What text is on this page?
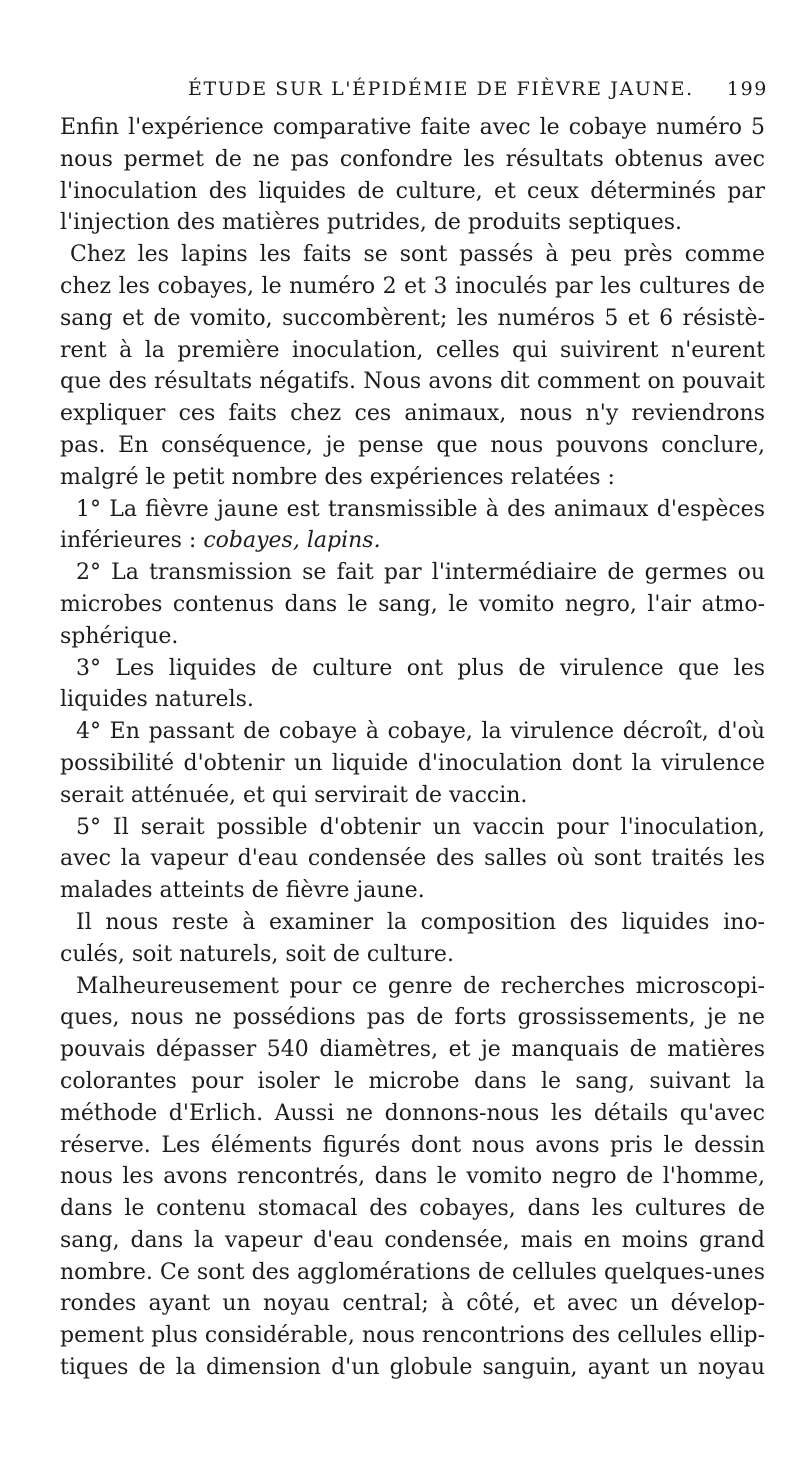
ÉTUDE SUR L'ÉPIDÉMIE DE FIÈVRE JAUNE. 199
Enfin l'expérience comparative faite avec le cobaye numéro 5
nous permet de ne pas confondre les résultats obtenus avec
l'inoculation des liquides de culture, et ceux déterminés par
l'injection des matières putrides, de produits septiques.
Chez les lapins les faits se sont passés à peu près comme
chez les cobayes, le numéro 2 et 3 inoculés par les cultures de
sang et de vomito, succombèrent; les numéros 5 et 6 résistè-
rent à la première inoculation, celles qui suivirent n'eurent
que des résultats négatifs. Nous avons dit comment on pouvait
expliquer ces faits chez ces animaux, nous n'y reviendrons
pas. En conséquence, je pense que nous pouvons conclure,
malgré le petit nombre des expériences relatées :
1° La fièvre jaune est transmissible à des animaux d'espèces
inférieures : cobayes, lapins.
2° La transmission se fait par l'intermédiaire de germes ou
microbes contenus dans le sang, le vomito negro, l'air atmo-
sphérique.
3° Les liquides de culture ont plus de virulence que les
liquides naturels.
4° En passant de cobaye à cobaye, la virulence décroît, d'où
possibilité d'obtenir un liquide d'inoculation dont la virulence
serait atténuée, et qui servirait de vaccin.
5° Il serait possible d'obtenir un vaccin pour l'inoculation,
avec la vapeur d'eau condensée des salles où sont traités les
malades atteints de fièvre jaune.
Il nous reste à examiner la composition des liquides ino-
culés, soit naturels, soit de culture.
Malheureusement pour ce genre de recherches microscopi-
ques, nous ne possédions pas de forts grossissements, je ne
pouvais dépasser 540 diamètres, et je manquais de matières
colorantes pour isoler le microbe dans le sang, suivant la
méthode d'Erlich. Aussi ne donnons-nous les détails qu'avec
réserve. Les éléments figurés dont nous avons pris le dessin
nous les avons rencontrés, dans le vomito negro de l'homme,
dans le contenu stomacal des cobayes, dans les cultures de
sang, dans la vapeur d'eau condensée, mais en moins grand
nombre. Ce sont des agglomérations de cellules quelques-unes
rondes ayant un noyau central; à côté, et avec un dévelop-
pement plus considérable, nous rencontrions des cellules ellip-
tiques de la dimension d'un globule sanguin, ayant un noyau
